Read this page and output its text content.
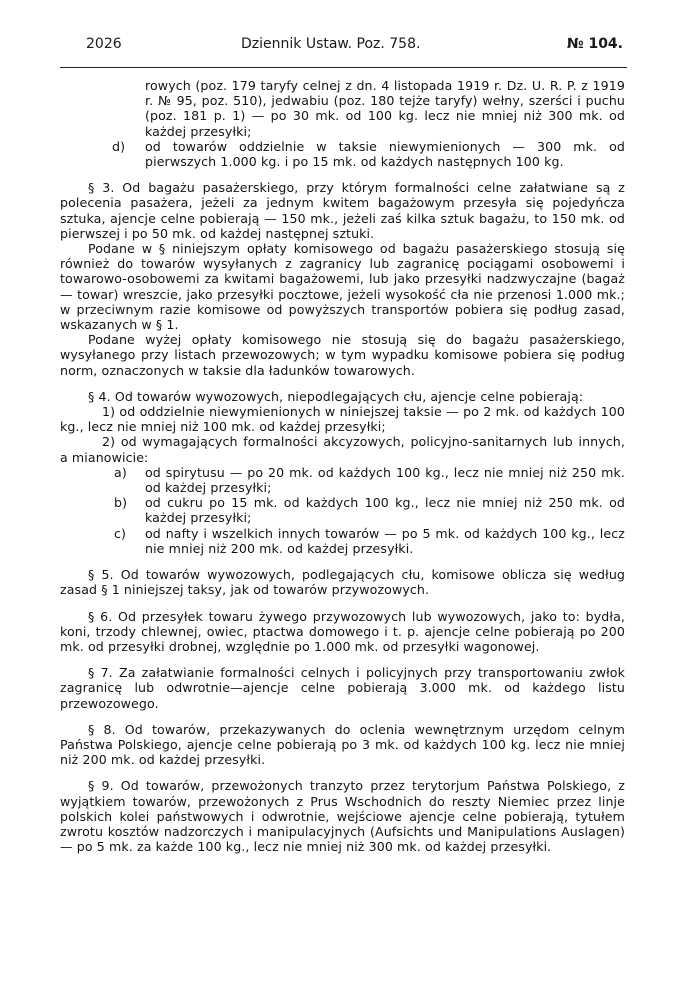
2026	Dziennik Ustaw. Poz. 758.	№ 104.

rowych (poz. 179 taryfy celnej z dn. 4 listopada 1919 r. Dz. U. R. P. z 1919 r. № 95, poz. 510), jedwabiu (poz. 180 tejże taryfy) wełny, szerści i puchu (poz. 181 p. 1) — po 30 mk. od 100 kg. lecz nie mniej niż 300 mk. od każdej przesyłki;

d)	od towarów oddzielnie w taksie niewymienionych — 300 mk. od pierwszych 1.000 kg. i po 15 mk. od każdych następnych 100 kg.

§ 3. Od bagażu pasażerskiego, przy którym formalności celne załatwiane są z polecenia pasażera, jeżeli za jednym kwitem bagażowym przesyła się pojedyńcza sztuka, ajencje celne pobierają — 150 mk., jeżeli zaś kilka sztuk bagażu, to 150 mk. od pierwszej i po 50 mk. od każdej następnej sztuki.

Podane w § niniejszym opłaty komisowego od bagażu pasażerskiego stosują się również do towarów wysyłanych z zagranicy lub zagranicę pociągami osobowemi i towarowo-osobowemi za kwitami bagażowemi, lub jako przesyłki nadzwyczajne (bagaż — towar) wreszcie, jako przesyłki pocztowe, jeżeli wysokość cła nie przenosi 1.000 mk.; w przeciwnym razie komisowe od powyższych transportów pobiera się podług zasad, wskazanych w § 1.

Podane wyżej opłaty komisowego nie stosują się do bagażu pasażerskiego, wysyłanego przy listach przewozowych; w tym wypadku komisowe pobiera się podług norm, oznaczonych w taksie dla ładunków towarowych.

§ 4. Od towarów wywozowych, niepodlegających cłu, ajencje celne pobierają:

1) od oddzielnie niewymienionych w niniejszej taksie — po 2 mk. od każdych 100 kg., lecz nie mniej niż 100 mk. od każdej przesyłki;

2) od wymagających formalności akcyzowych, policyjno-sanitarnych lub innych, a mianowicie:

a)	od spirytusu — po 20 mk. od każdych 100 kg., lecz nie mniej niż 250 mk. od każdej przesyłki;

b)	od cukru po 15 mk. od każdych 100 kg., lecz nie mniej niż 250 mk. od każdej przesyłki;

c)	od nafty i wszelkich innych towarów — po 5 mk. od każdych 100 kg., lecz nie mniej niż 200 mk. od każdej przesyłki.

§ 5. Od towarów wywozowych, podlegających cłu, komisowe oblicza się według zasad § 1 niniejszej taksy, jak od towarów przywozowych.

§ 6. Od przesyłek towaru żywego przywozowych lub wywozowych, jako to: bydła, koni, trzody chlewnej, owiec, ptactwa domowego i t. p. ajencje celne pobierają po 200 mk. od przesyłki drobnej, względnie po 1.000 mk. od przesyłki wagonowej.

§ 7. Za załatwianie formalności celnych i policyjnych przy transportowaniu zwłok zagranicę lub odwrotnie—ajencje celne pobierają 3.000 mk. od każdego listu przewozowego.

§ 8. Od towarów, przekazywanych do oclenia wewnętrznym urzędom celnym Państwa Polskiego, ajencje celne pobierają po 3 mk. od każdych 100 kg. lecz nie mniej niż 200 mk. od każdej przesyłki.

§ 9. Od towarów, przewożonych tranzyto przez terytorjum Państwa Polskiego, z wyjątkiem towarów, przewożonych z Prus Wschodnich do reszty Niemiec przez linje polskich kolei państwowych i odwrotnie, wejściowe ajencje celne pobierają, tytułem zwrotu kosztów nadzorczych i manipulacyjnych (Aufsichts und Manipulations Auslagen) — po 5 mk. za każde 100 kg., lecz nie mniej niż 300 mk. od każdej przesyłki.
